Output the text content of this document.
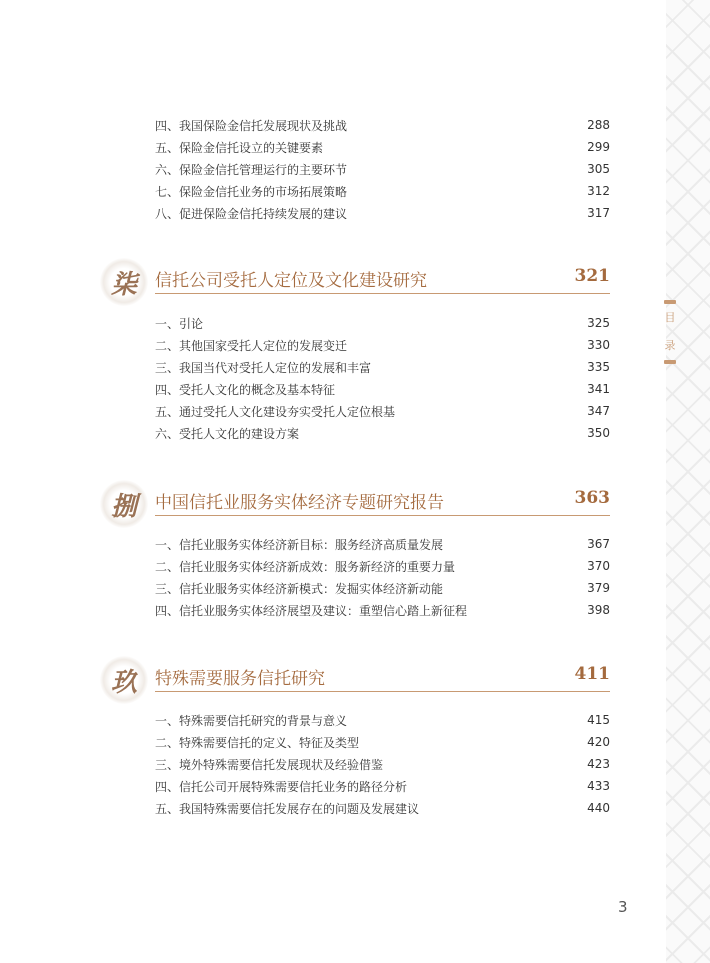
目
录
四、我国保险金信托发展现状及挑战	288
五、保险金信托设立的关键要素	299
六、保险金信托管理运行的主要环节	305
七、保险金信托业务的市场拓展策略	312
八、促进保险金信托持续发展的建议	317
柒 信托公司受托人定位及文化建设研究	321
一、引论	325
二、其他国家受托人定位的发展变迁	330
三、我国当代对受托人定位的发展和丰富	335
四、受托人文化的概念及基本特征	341
五、通过受托人文化建设夯实受托人定位根基	347
六、受托人文化的建设方案	350
捌 中国信托业服务实体经济专题研究报告	363
一、信托业服务实体经济新目标：服务经济高质量发展	367
二、信托业服务实体经济新成效：服务新经济的重要力量	370
三、信托业服务实体经济新模式：发掘实体经济新动能	379
四、信托业服务实体经济展望及建议：重塑信心踏上新征程	398
玖 特殊需要服务信托研究	411
一、特殊需要信托研究的背景与意义	415
二、特殊需要信托的定义、特征及类型	420
三、境外特殊需要信托发展现状及经验借鉴	423
四、信托公司开展特殊需要信托业务的路径分析	433
五、我国特殊需要信托发展存在的问题及发展建议	440
3
